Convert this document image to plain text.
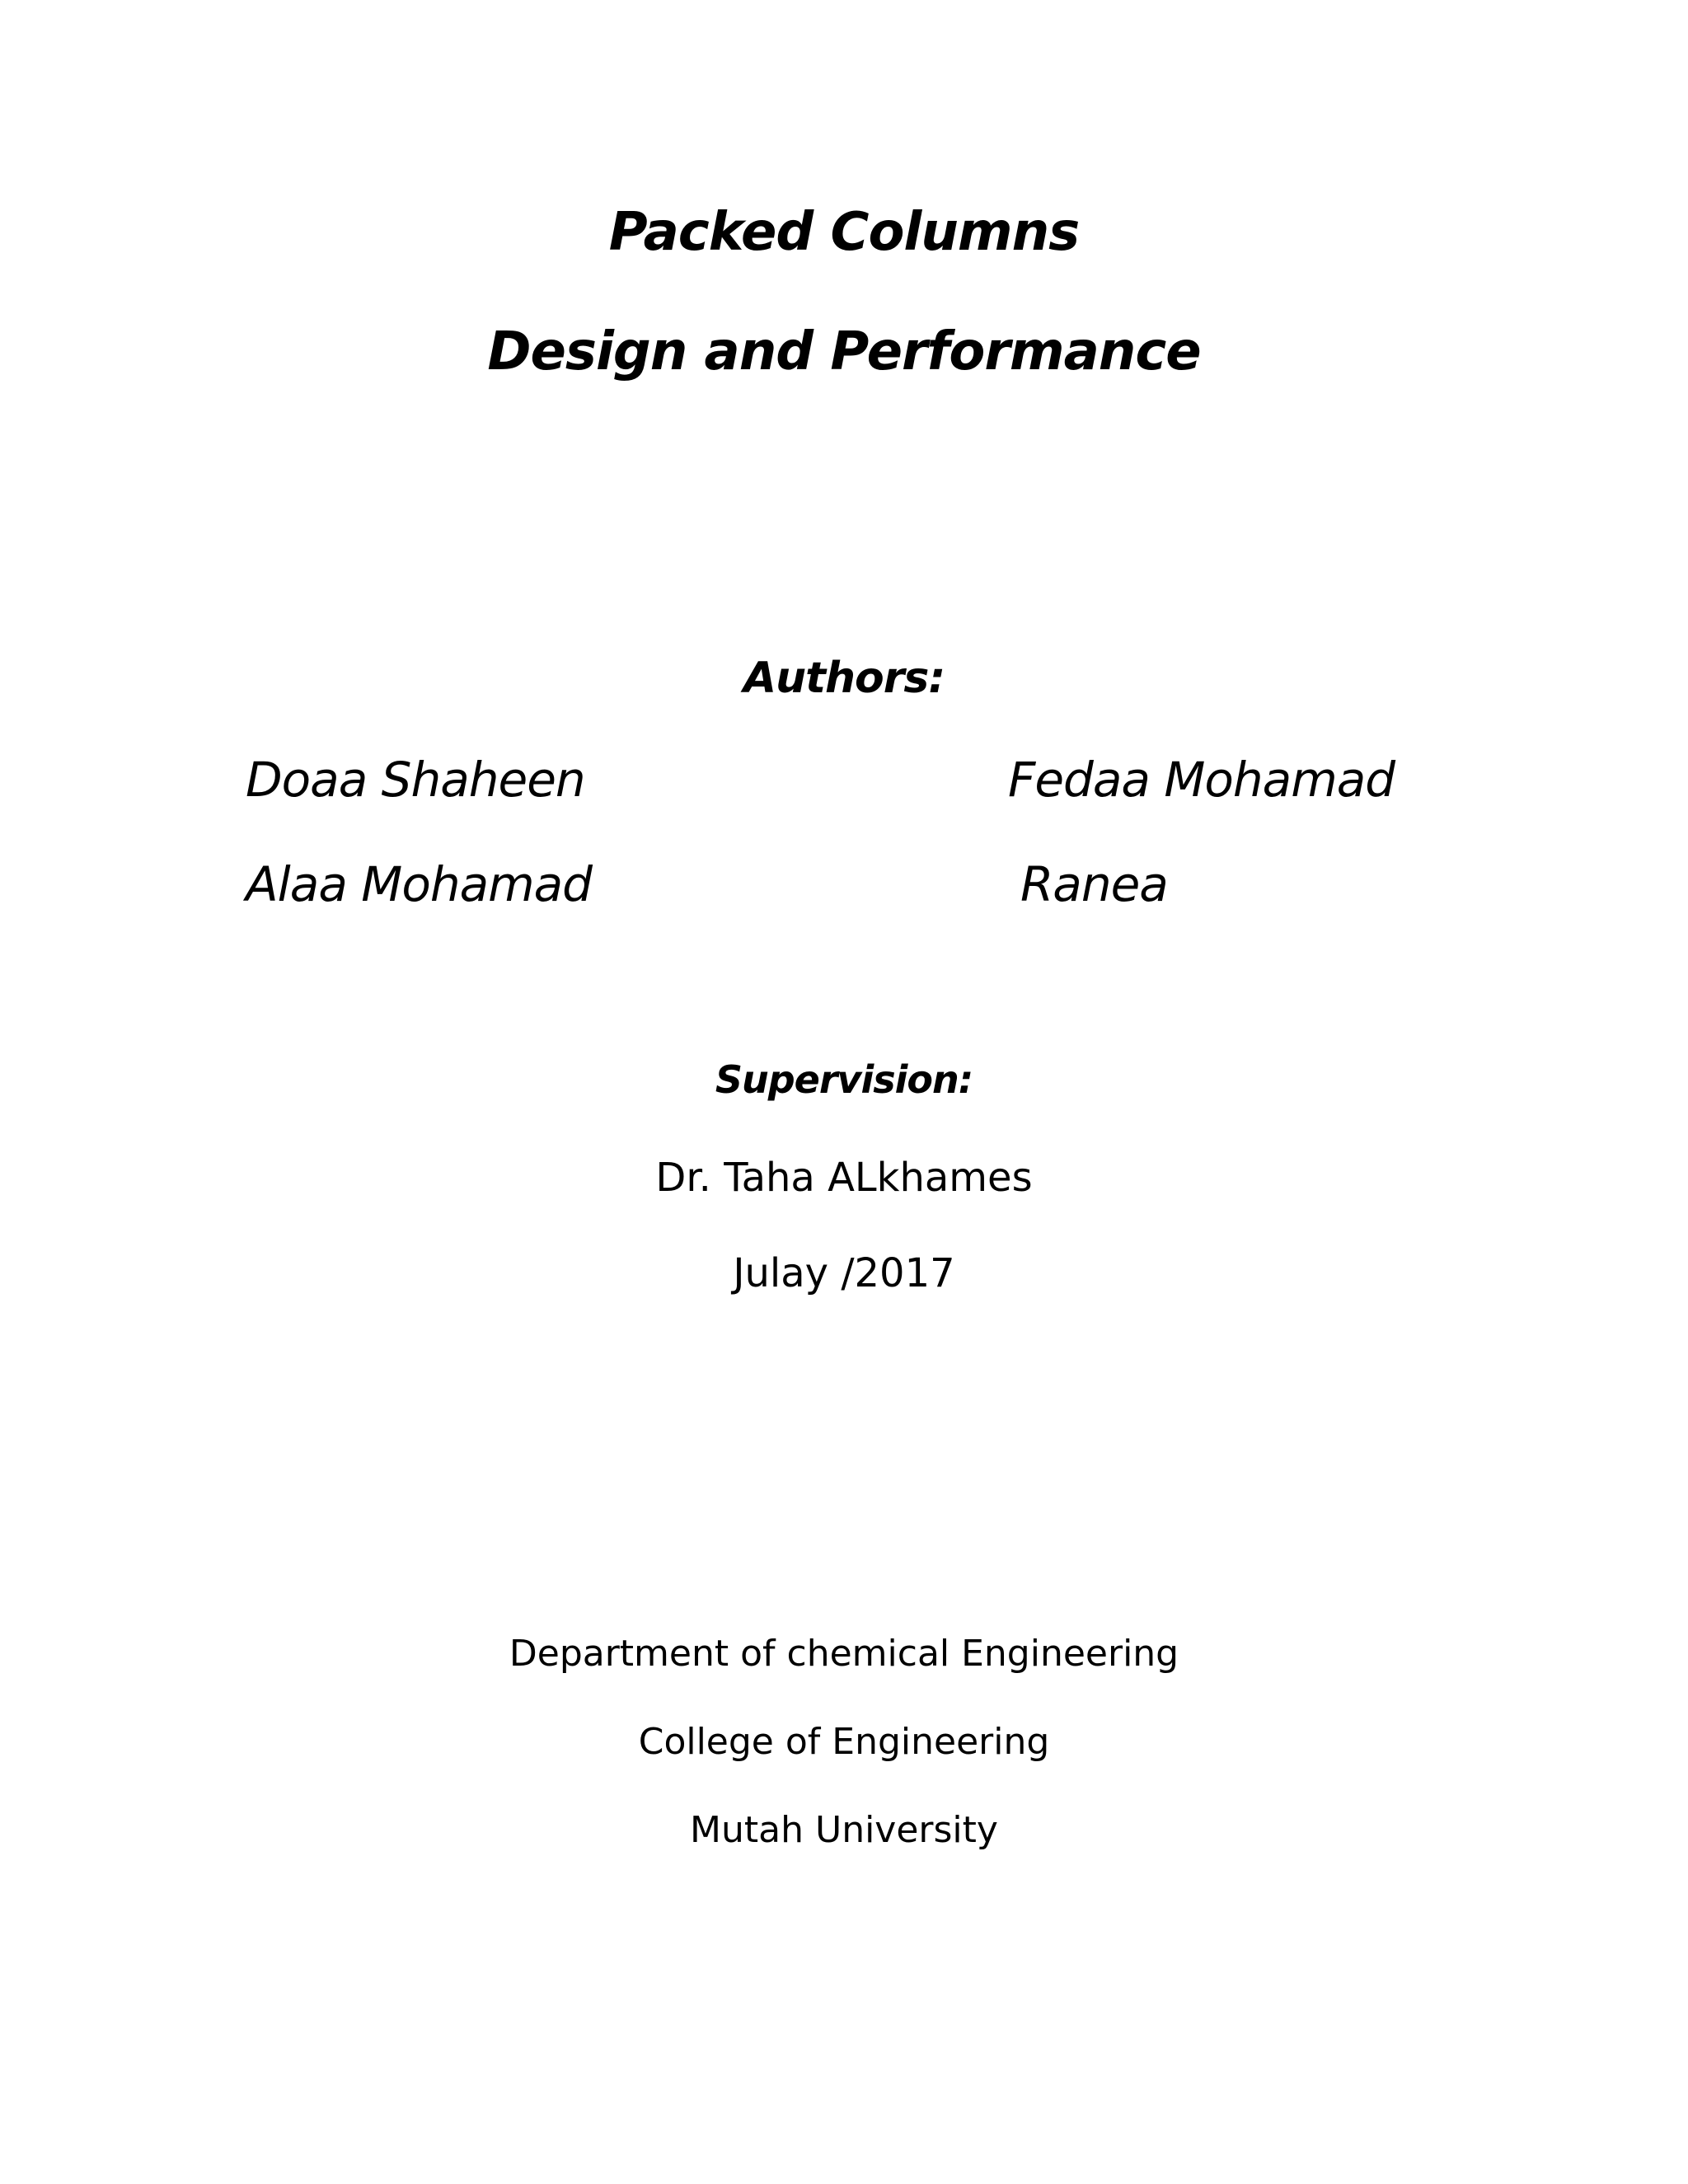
Packed Columns
Design and Performance
Authors:
Doaa Shaheen	Fedaa Mohamad
Alaa Mohamad	Ranea
Supervision:
Dr. Taha ALkhames
Julay /2017
Department of chemical Engineering
College of Engineering
Mutah University
